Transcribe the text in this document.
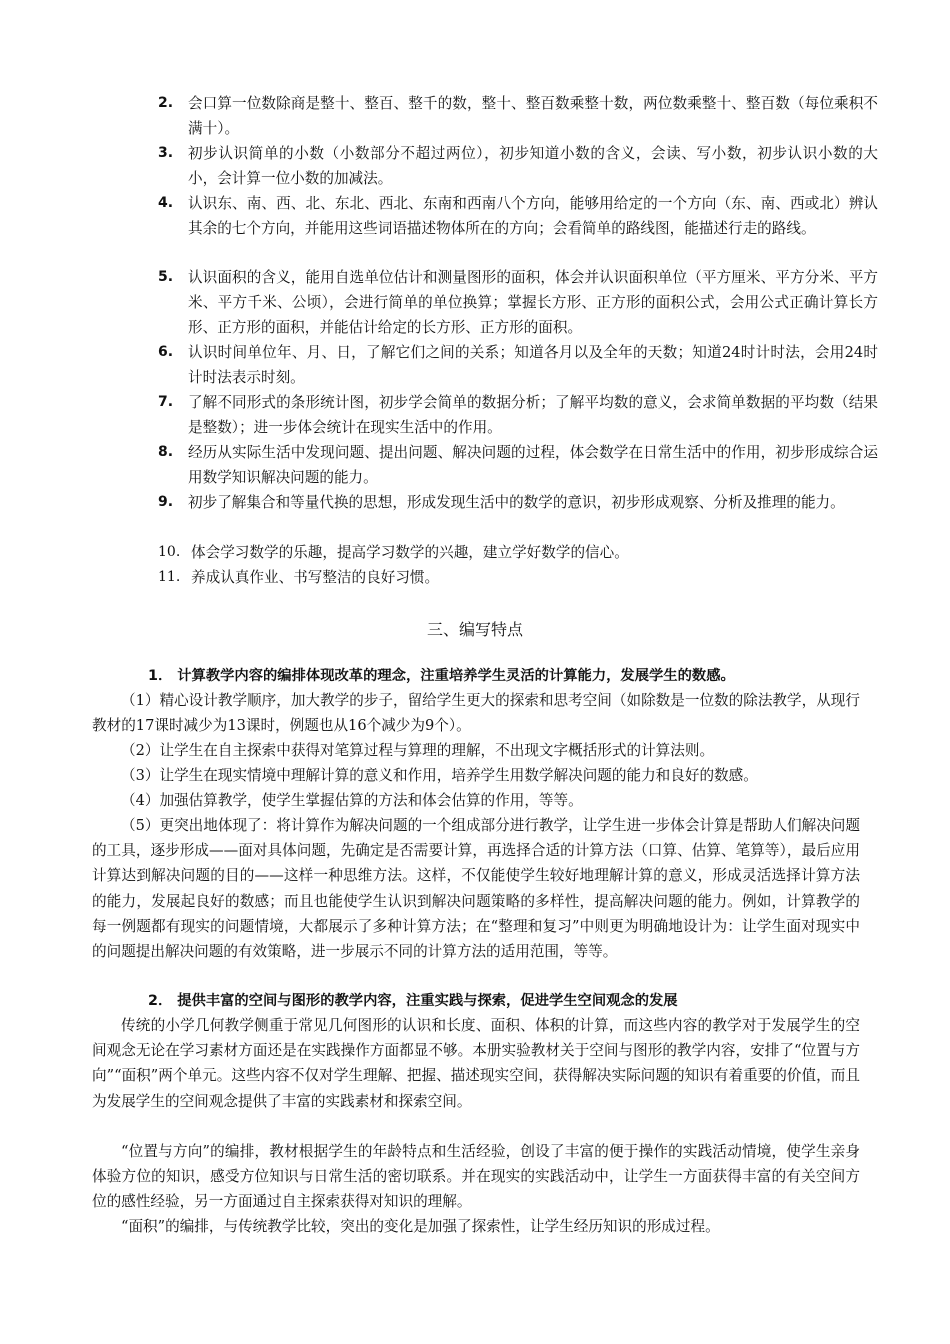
2.	会口算一位数除商是整十、整百、整千的数，整十、整百数乘整十数，两位数乘整十、整百数（每位乘积不满十）。
3.	初步认识简单的小数（小数部分不超过两位），初步知道小数的含义，会读、写小数，初步认识小数的大小，会计算一位小数的加减法。
4.	认识东、南、西、北、东北、西北、东南和西南八个方向，能够用给定的一个方向（东、南、西或北）辨认其余的七个方向，并能用这些词语描述物体所在的方向；会看简单的路线图，能描述行走的路线。
5.	认识面积的含义，能用自选单位估计和测量图形的面积，体会并认识面积单位（平方厘米、平方分米、平方米、平方千米、公顷），会进行简单的单位换算；掌握长方形、正方形的面积公式，会用公式正确计算长方形、正方形的面积，并能估计给定的长方形、正方形的面积。
6.	认识时间单位年、月、日，了解它们之间的关系；知道各月以及全年的天数；知道24时计时法，会用24时计时法表示时刻。
7.	了解不同形式的条形统计图，初步学会简单的数据分析；了解平均数的意义，会求简单数据的平均数（结果是整数）；进一步体会统计在现实生活中的作用。
8.	经历从实际生活中发现问题、提出问题、解决问题的过程，体会数学在日常生活中的作用，初步形成综合运用数学知识解决问题的能力。
9.	初步了解集合和等量代换的思想，形成发现生活中的数学的意识，初步形成观察、分析及推理的能力。
10. 体会学习数学的乐趣，提高学习数学的兴趣，建立学好数学的信心。
11. 养成认真作业、书写整洁的良好习惯。
三、编写特点
1． 计算教学内容的编排体现改革的理念，注重培养学生灵活的计算能力，发展学生的数感。
（1）精心设计教学顺序，加大教学的步子，留给学生更大的探索和思考空间（如除数是一位数的除法教学，从现行教材的17课时减少为13课时，例题也从16个减少为9个）。
（2）让学生在自主探索中获得对笔算过程与算理的理解，不出现文字概括形式的计算法则。
（3）让学生在现实情境中理解计算的意义和作用，培养学生用数学解决问题的能力和良好的数感。
（4）加强估算教学，使学生掌握估算的方法和体会估算的作用，等等。
（5）更突出地体现了：将计算作为解决问题的一个组成部分进行教学，让学生进一步体会计算是帮助人们解决问题的工具，逐步形成——面对具体问题，先确定是否需要计算，再选择合适的计算方法（口算、估算、笔算等），最后应用计算达到解决问题的目的——这样一种思维方法。这样，不仅能使学生较好地理解计算的意义，形成灵活选择计算方法的能力，发展起良好的数感；而且也能使学生认识到解决问题策略的多样性，提高解决问题的能力。例如，计算教学的每一例题都有现实的问题情境，大都展示了多种计算方法；在“整理和复习”中则更为明确地设计为：让学生面对现实中的问题提出解决问题的有效策略，进一步展示不同的计算方法的适用范围，等等。
2． 提供丰富的空间与图形的教学内容，注重实践与探索，促进学生空间观念的发展
传统的小学几何教学侧重于常见几何图形的认识和长度、面积、体积的计算，而这些内容的教学对于发展学生的空间观念无论在学习素材方面还是在实践操作方面都显不够。本册实验教材关于空间与图形的教学内容，安排了“位置与方向”“面积”两个单元。这些内容不仅对学生理解、把握、描述现实空间，获得解决实际问题的知识有着重要的价值，而且为发展学生的空间观念提供了丰富的实践素材和探索空间。
“位置与方向”的编排，教材根据学生的年龄特点和生活经验，创设了丰富的便于操作的实践活动情境，使学生亲身体验方位的知识，感受方位知识与日常生活的密切联系。并在现实的实践活动中，让学生一方面获得丰富的有关空间方位的感性经验，另一方面通过自主探索获得对知识的理解。
“面积”的编排，与传统教学比较，突出的变化是加强了探索性，让学生经历知识的形成过程。
